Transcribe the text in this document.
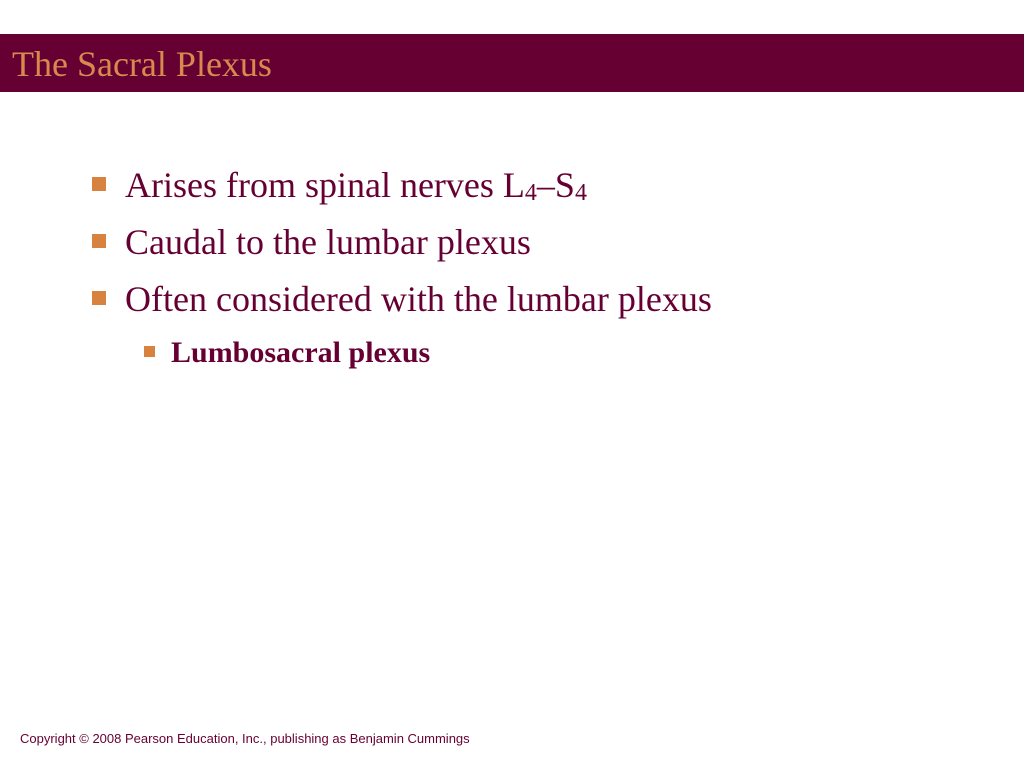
The Sacral Plexus
Arises from spinal nerves $L_4-S_4$
Caudal to the lumbar plexus
Often considered with the lumbar plexus
Lumbosacral plexus
Copyright © 2008 Pearson Education, Inc., publishing as Benjamin Cummings
